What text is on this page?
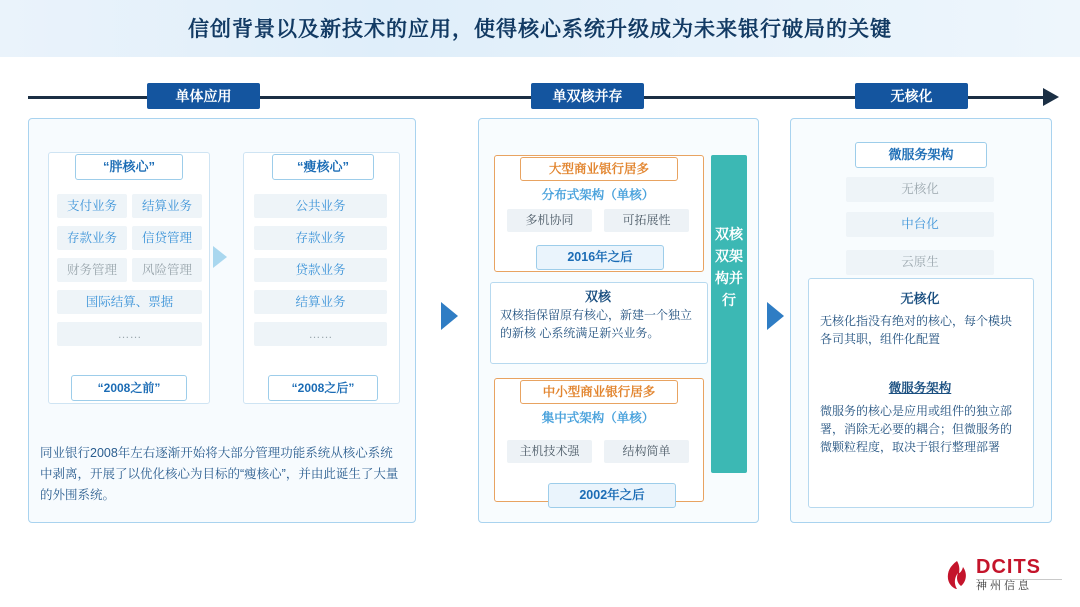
信创背景以及新技术的应用，使得核心系统升级成为未来银行破局的关键
单体应用	单双核并存	无核化
“胖核心”
支付业务	结算业务
存款业务	信贷管理
财务管理	风险管理
国际结算、票据
……
“2008之前”
“瘦核心”
公共业务
存款业务
贷款业务
结算业务
……
“2008之后”
同业银行2008年左右逐渐开始将大部分管理功能系统从核心系统中剥离，开展了以优化核心为目标的“瘦核心”，并由此诞生了大量的外围系统。
大型商业银行居多
分布式架构（单核）
多机协同	可拓展性
2016年之后
双核
双核指保留原有核心，新建一个独立的新核 心系统满足新兴业务。
中小型商业银行居多
集中式架构（单核）
主机技术强	结构简单
2002年之后
双核双架构并行
微服务架构
无核化
中台化
云原生
无核化
无核化指没有绝对的核心，每个模块各司其职，组件化配置
微服务架构
微服务的核心是应用或组件的独立部署，消除无必要的耦合；但微服务的微颗粒程度，取决于银行整理部署
DCITS
神州信息
